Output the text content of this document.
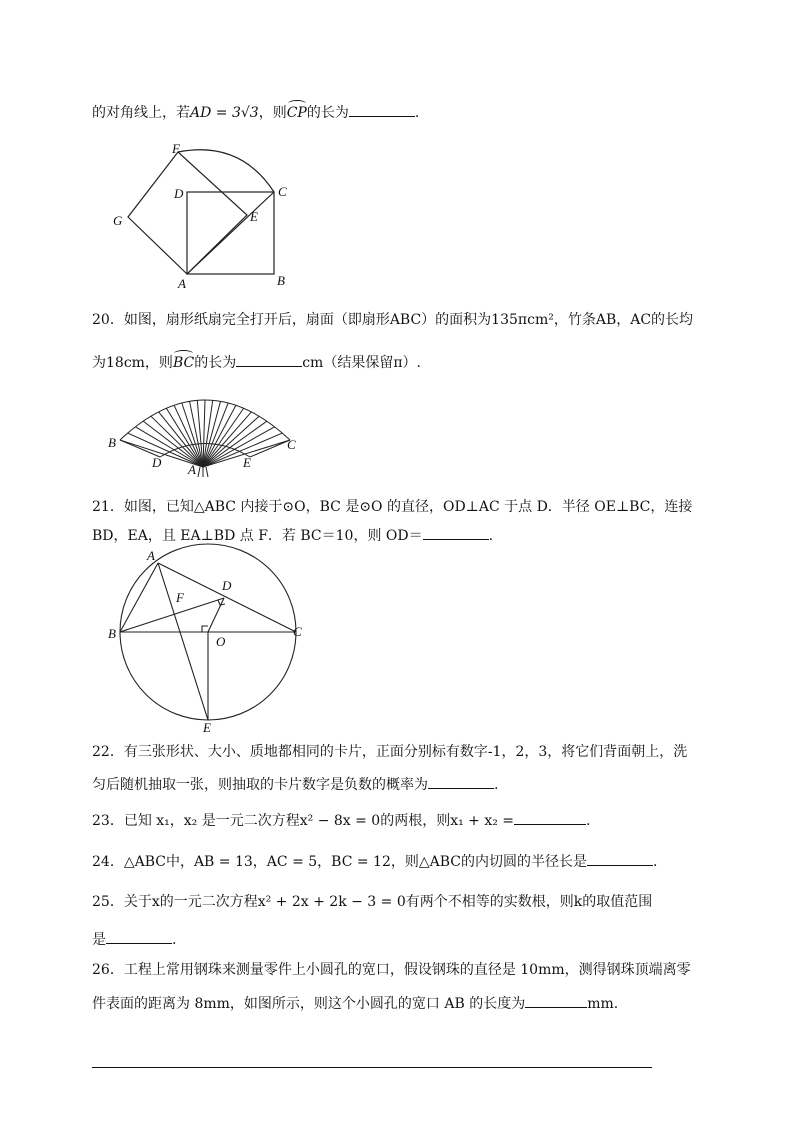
的对角线上，若AD = 3√3，则CP的长为	.
F
D	C
G	E
A	B
20．如图，扇形纸扇完全打开后，扇面（即扇形ABC）的面积为135πcm²，竹条AB，AC的长均
为18cm，则BC的长为	cm（结果保留π）.
B
D A	E
C
21．如图，已知△ABC 内接于⊙O，BC 是⊙O 的直径，OD⊥AC 于点 D．半径 OE⊥BC，连接
BD，EA，且 EA⊥BD 点 F．若 BC＝10，则 OD＝	.
A
D
F
B
O
C
E
22．有三张形状、大小、质地都相同的卡片，正面分别标有数字-1，2，3，将它们背面朝上，洗
匀后随机抽取一张，则抽取的卡片数字是负数的概率为	.
23．已知 x₁，x₂ 是一元二次方程x² − 8x = 0的两根，则x₁ + x₂ =	.
24．△ABC中，AB = 13，AC = 5，BC = 12，则△ABC的内切圆的半径长是	.
25．关于x的一元二次方程x² + 2x + 2k − 3 = 0有两个不相等的实数根，则k的取值范围
是	.
26．工程上常用钢珠来测量零件上小圆孔的宽口，假设钢珠的直径是 10mm，测得钢珠顶端离零
件表面的距离为 8mm，如图所示，则这个小圆孔的宽口 AB 的长度为	mm.
